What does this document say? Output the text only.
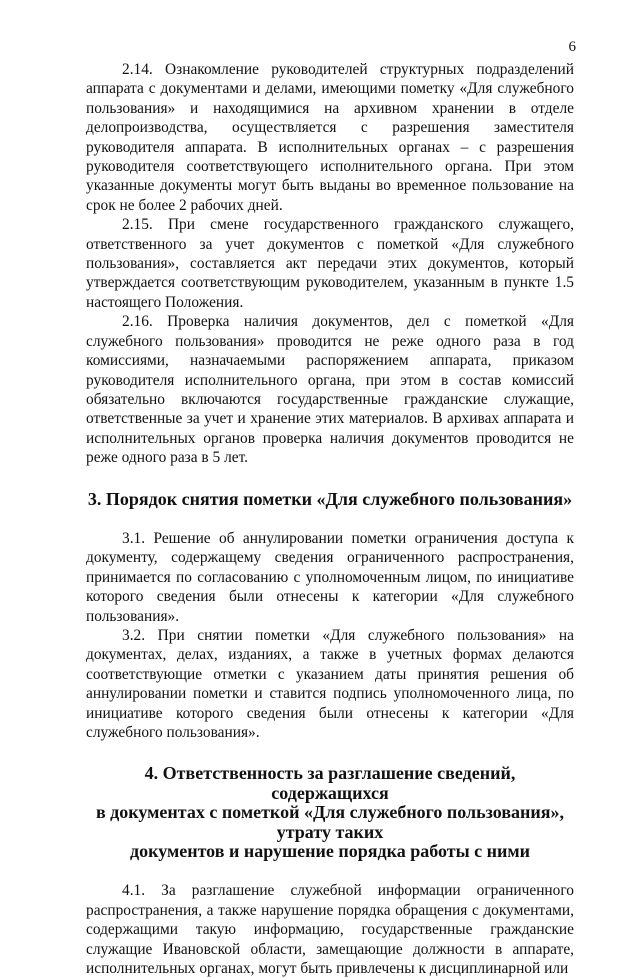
6

2.14. Ознакомление руководителей структурных подразделений аппарата с документами и делами, имеющими пометку «Для служебного пользования» и находящимися на архивном хранении в отделе делопроизводства, осуществляется с разрешения заместителя руководителя аппарата. В исполнительных органах – с разрешения руководителя соответствующего исполнительного органа. При этом указанные документы могут быть выданы во временное пользование на срок не более 2 рабочих дней.

2.15. При смене государственного гражданского служащего, ответственного за учет документов с пометкой «Для служебного пользования», составляется акт передачи этих документов, который утверждается соответствующим руководителем, указанным в пункте 1.5 настоящего Положения.

2.16. Проверка наличия документов, дел с пометкой «Для служебного пользования» проводится не реже одного раза в год комиссиями, назначаемыми распоряжением аппарата, приказом руководителя исполнительного органа, при этом в состав комиссий обязательно включаются государственные гражданские служащие, ответственные за учет и хранение этих материалов. В архивах аппарата и исполнительных органов проверка наличия документов проводится не реже одного раза в 5 лет.

3. Порядок снятия пометки «Для служебного пользования»

3.1. Решение об аннулировании пометки ограничения доступа к документу, содержащему сведения ограниченного распространения, принимается по согласованию с уполномоченным лицом, по инициативе которого сведения были отнесены к категории «Для служебного пользования».

3.2. При снятии пометки «Для служебного пользования» на документах, делах, изданиях, а также в учетных формах делаются соответствующие отметки с указанием даты принятия решения об аннулировании пометки и ставится подпись уполномоченного лица, по инициативе которого сведения были отнесены к категории «Для служебного пользования».

4. Ответственность за разглашение сведений, содержащихся
в документах с пометкой «Для служебного пользования», утрату таких
документов и нарушение порядка работы с ними

4.1. За разглашение служебной информации ограниченного распространения, а также нарушение порядка обращения с документами, содержащими такую информацию, государственные гражданские служащие Ивановской области, замещающие должности в аппарате, исполнительных органах, могут быть привлечены к дисциплинарной или
